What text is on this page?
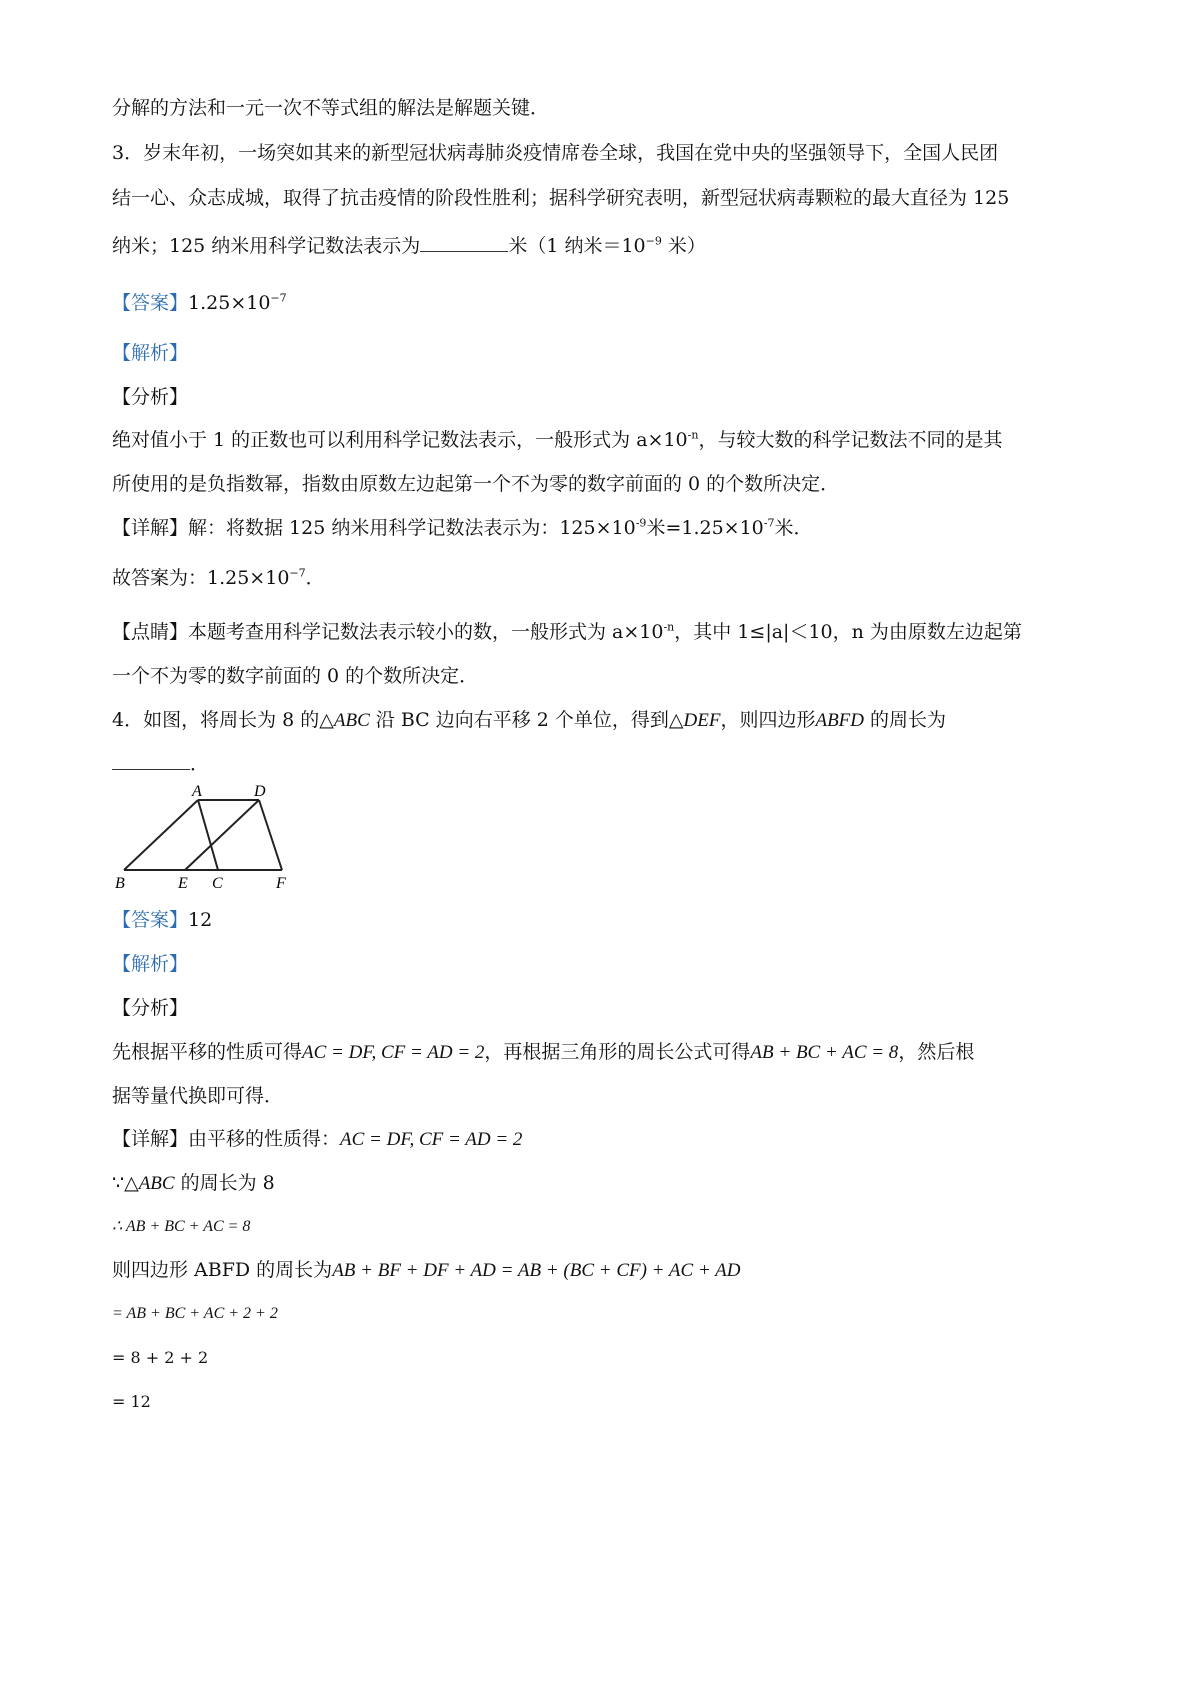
分解的方法和一元一次不等式组的解法是解题关键．
3．岁末年初，一场突如其来的新型冠状病毒肺炎疫情席卷全球，我国在党中央的坚强领导下，全国人民团
结一心、众志成城，取得了抗击疫情的阶段性胜利；据科学研究表明，新型冠状病毒颗粒的最大直径为 125
纳米；125 纳米用科学记数法表示为	米（1 纳米$=10^{-9}$ 米）
【答案】$1.25\times 10^{-7}$
【解析】
【分析】
绝对值小于 1 的正数也可以利用科学记数法表示，一般形式为 $a\times 10^{-n}$，与较大数的科学记数法不同的是其
所使用的是负指数幂，指数由原数左边起第一个不为零的数字前面的 0 的个数所决定．
【详解】解：将数据 125 纳米用科学记数法表示为：$125\times 10^{-9}$米$=1.25\times 10^{-7}$米．
故答案为：$1.25\times 10^{-7}$．
【点睛】本题考查用科学记数法表示较小的数，一般形式为 $a\times 10^{-n}$，其中 1≤|a|＜10，n 为由原数左边起第
一个不为零的数字前面的 0 的个数所决定．
4．如图，将周长为 8 的△ABC 沿 BC 边向右平移 2 个单位，得到△DEF，则四边形ABFD 的周长为
．
A	D
B	E C	F
【答案】12
【解析】
【分析】
先根据平移的性质可得AC = DF, CF = AD = 2，再根据三角形的周长公式可得AB + BC + AC = 8，然后根
据等量代换即可得．
【详解】由平移的性质得：AC = DF, CF = AD = 2
∵△ABC 的周长为 8
∴ AB + BC + AC = 8
则四边形 ABFD 的周长为AB + BF + DF + AD = AB + (BC + CF) + AC + AD
= AB + BC + AC + 2 + 2
= 8 + 2 + 2
= 12
